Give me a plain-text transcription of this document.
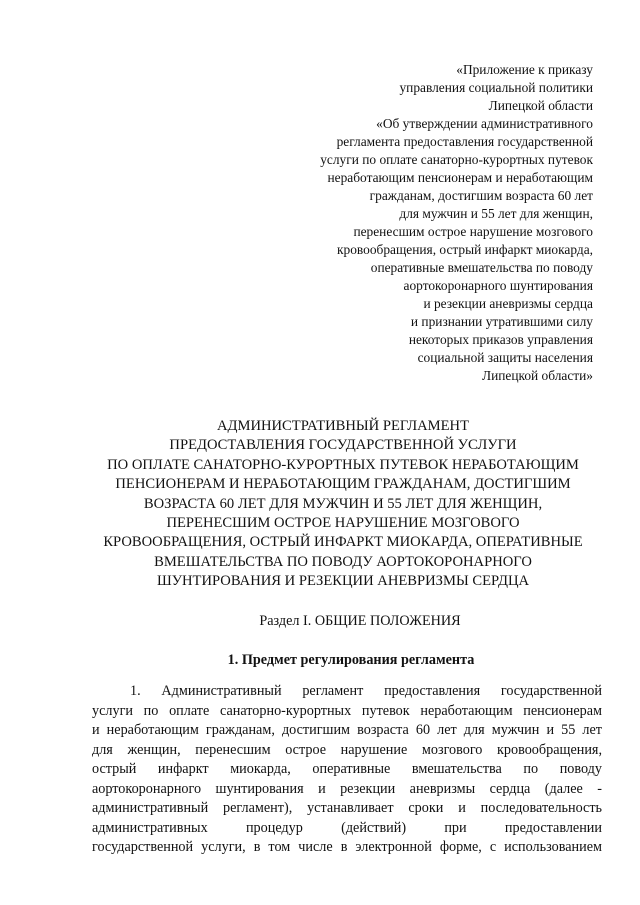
«Приложение к приказу
управления социальной политики
Липецкой области
«Об утверждении административного
регламента предоставления государственной
услуги по оплате санаторно-курортных путевок
неработающим пенсионерам и неработающим
гражданам, достигшим возраста 60 лет
для мужчин и 55 лет для женщин,
перенесшим острое нарушение мозгового
кровообращения, острый инфаркт миокарда,
оперативные вмешательства по поводу
аортокоронарного шунтирования
и резекции аневризмы сердца
и признании утратившими силу
некоторых приказов управления
социальной защиты населения
Липецкой области»
АДМИНИСТРАТИВНЫЙ РЕГЛАМЕНТ
ПРЕДОСТАВЛЕНИЯ ГОСУДАРСТВЕННОЙ УСЛУГИ
ПО ОПЛАТЕ САНАТОРНО-КУРОРТНЫХ ПУТЕВОК НЕРАБОТАЮЩИМ
ПЕНСИОНЕРАМ И НЕРАБОТАЮЩИМ ГРАЖДАНАМ, ДОСТИГШИМ
ВОЗРАСТА 60 ЛЕТ ДЛЯ МУЖЧИН И 55 ЛЕТ ДЛЯ ЖЕНЩИН,
ПЕРЕНЕСШИМ ОСТРОЕ НАРУШЕНИЕ МОЗГОВОГО
КРОВООБРАЩЕНИЯ, ОСТРЫЙ ИНФАРКТ МИОКАРДА, ОПЕРАТИВНЫЕ
ВМЕШАТЕЛЬСТВА ПО ПОВОДУ АОРТОКОРОНАРНОГО
ШУНТИРОВАНИЯ И РЕЗЕКЦИИ АНЕВРИЗМЫ СЕРДЦА
Раздел I. ОБЩИЕ ПОЛОЖЕНИЯ
1. Предмет регулирования регламента
1. Административный регламент предоставления государственной
услуги по оплате санаторно-курортных путевок неработающим пенсионерам
и неработающим гражданам, достигшим возраста 60 лет для мужчин и 55 лет
для женщин, перенесшим острое нарушение мозгового кровообращения,
острый инфаркт миокарда, оперативные вмешательства по поводу
аортокоронарного шунтирования и резекции аневризмы сердца (далее -
административный регламент), устанавливает сроки и последовательность
административных процедур (действий) при предоставлении
государственной услуги, в том числе в электронной форме, с использованием
